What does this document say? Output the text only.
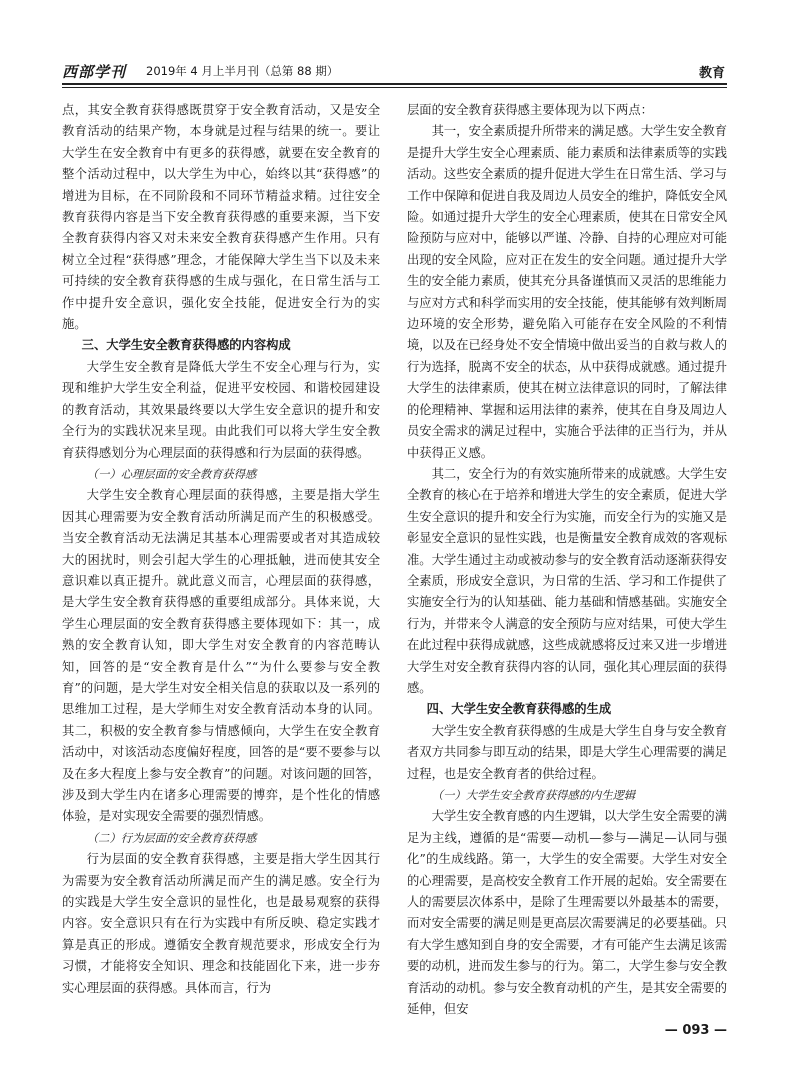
西部学刊 2019年 4 月上半月刊（总第 88 期）	教育

点，其安全教育获得感既贯穿于安全教育活动，又是安全教育活动的结果产物，本身就是过程与结果的统一。要让大学生在安全教育中有更多的获得感，就要在安全教育的整个活动过程中，以大学生为中心，始终以其“获得感”的增进为目标，在不同阶段和不同环节精益求精。过往安全教育获得内容是当下安全教育获得感的重要来源，当下安全教育获得内容又对未来安全教育获得感产生作用。只有树立全过程“获得感”理念，才能保障大学生当下以及未来可持续的安全教育获得感的生成与强化，在日常生活与工作中提升安全意识，强化安全技能，促进安全行为的实施。

三、大学生安全教育获得感的内容构成

大学生安全教育是降低大学生不安全心理与行为，实现和维护大学生安全利益，促进平安校园、和谐校园建设的教育活动，其效果最终要以大学生安全意识的提升和安全行为的实践状况来呈现。由此我们可以将大学生安全教育获得感划分为心理层面的获得感和行为层面的获得感。

（一）心理层面的安全教育获得感

大学生安全教育心理层面的获得感，主要是指大学生因其心理需要为安全教育活动所满足而产生的积极感受。当安全教育活动无法满足其基本心理需要或者对其造成较大的困扰时，则会引起大学生的心理抵触，进而使其安全意识难以真正提升。就此意义而言，心理层面的获得感，是大学生安全教育获得感的重要组成部分。具体来说，大学生心理层面的安全教育获得感主要体现如下：其一，成熟的安全教育认知，即大学生对安全教育的内容范畴认知，回答的是“安全教育是什么”“为什么要参与安全教育”的问题，是大学生对安全相关信息的获取以及一系列的思维加工过程，是大学师生对安全教育活动本身的认同。其二，积极的安全教育参与情感倾向，大学生在安全教育活动中，对该活动态度偏好程度，回答的是“要不要参与以及在多大程度上参与安全教育”的问题。对该问题的回答，涉及到大学生内在诸多心理需要的博弈，是个性化的情感体验，是对实现安全需要的强烈情感。

（二）行为层面的安全教育获得感

行为层面的安全教育获得感，主要是指大学生因其行为需要为安全教育活动所满足而产生的满足感。安全行为的实践是大学生安全意识的显性化，也是最易观察的获得内容。安全意识只有在行为实践中有所反映、稳定实践才算是真正的形成。遵循安全教育规范要求，形成安全行为习惯，才能将安全知识、理念和技能固化下来，进一步夯实心理层面的获得感。具体而言，行为

层面的安全教育获得感主要体现为以下两点：

其一，安全素质提升所带来的满足感。大学生安全教育是提升大学生安全心理素质、能力素质和法律素质等的实践活动。这些安全素质的提升促进大学生在日常生活、学习与工作中保障和促进自我及周边人员安全的维护，降低安全风险。如通过提升大学生的安全心理素质，使其在日常安全风险预防与应对中，能够以严谨、冷静、自持的心理应对可能出现的安全风险，应对正在发生的安全问题。通过提升大学生的安全能力素质，使其充分具备谨慎而又灵活的思维能力与应对方式和科学而实用的安全技能，使其能够有效判断周边环境的安全形势，避免陷入可能存在安全风险的不利情境，以及在已经身处不安全情境中做出妥当的自救与救人的行为选择，脱离不安全的状态，从中获得成就感。通过提升大学生的法律素质，使其在树立法律意识的同时，了解法律的伦理精神、掌握和运用法律的素养，使其在自身及周边人员安全需求的满足过程中，实施合乎法律的正当行为，并从中获得正义感。

其二，安全行为的有效实施所带来的成就感。大学生安全教育的核心在于培养和增进大学生的安全素质，促进大学生安全意识的提升和安全行为实施，而安全行为的实施又是彰显安全意识的显性实践，也是衡量安全教育成效的客观标准。大学生通过主动或被动参与的安全教育活动逐渐获得安全素质，形成安全意识，为日常的生活、学习和工作提供了实施安全行为的认知基础、能力基础和情感基础。实施安全行为，并带来令人满意的安全预防与应对结果，可使大学生在此过程中获得成就感，这些成就感将反过来又进一步增进大学生对安全教育获得内容的认同，强化其心理层面的获得感。

四、大学生安全教育获得感的生成

大学生安全教育获得感的生成是大学生自身与安全教育者双方共同参与即互动的结果，即是大学生心理需要的满足过程，也是安全教育者的供给过程。

（一）大学生安全教育获得感的内生逻辑

大学生安全教育感的内生逻辑，以大学生安全需要的满足为主线，遵循的是“需要—动机—参与—满足—认同与强化”的生成线路。第一，大学生的安全需要。大学生对安全的心理需要，是高校安全教育工作开展的起始。安全需要在人的需要层次体系中，是除了生理需要以外最基本的需要，而对安全需要的满足则是更高层次需要满足的必要基础。只有大学生感知到自身的安全需要，才有可能产生去满足该需要的动机，进而发生参与的行为。第二，大学生参与安全教育活动的动机。参与安全教育动机的产生，是其安全需要的延伸，但安

— 093 —
